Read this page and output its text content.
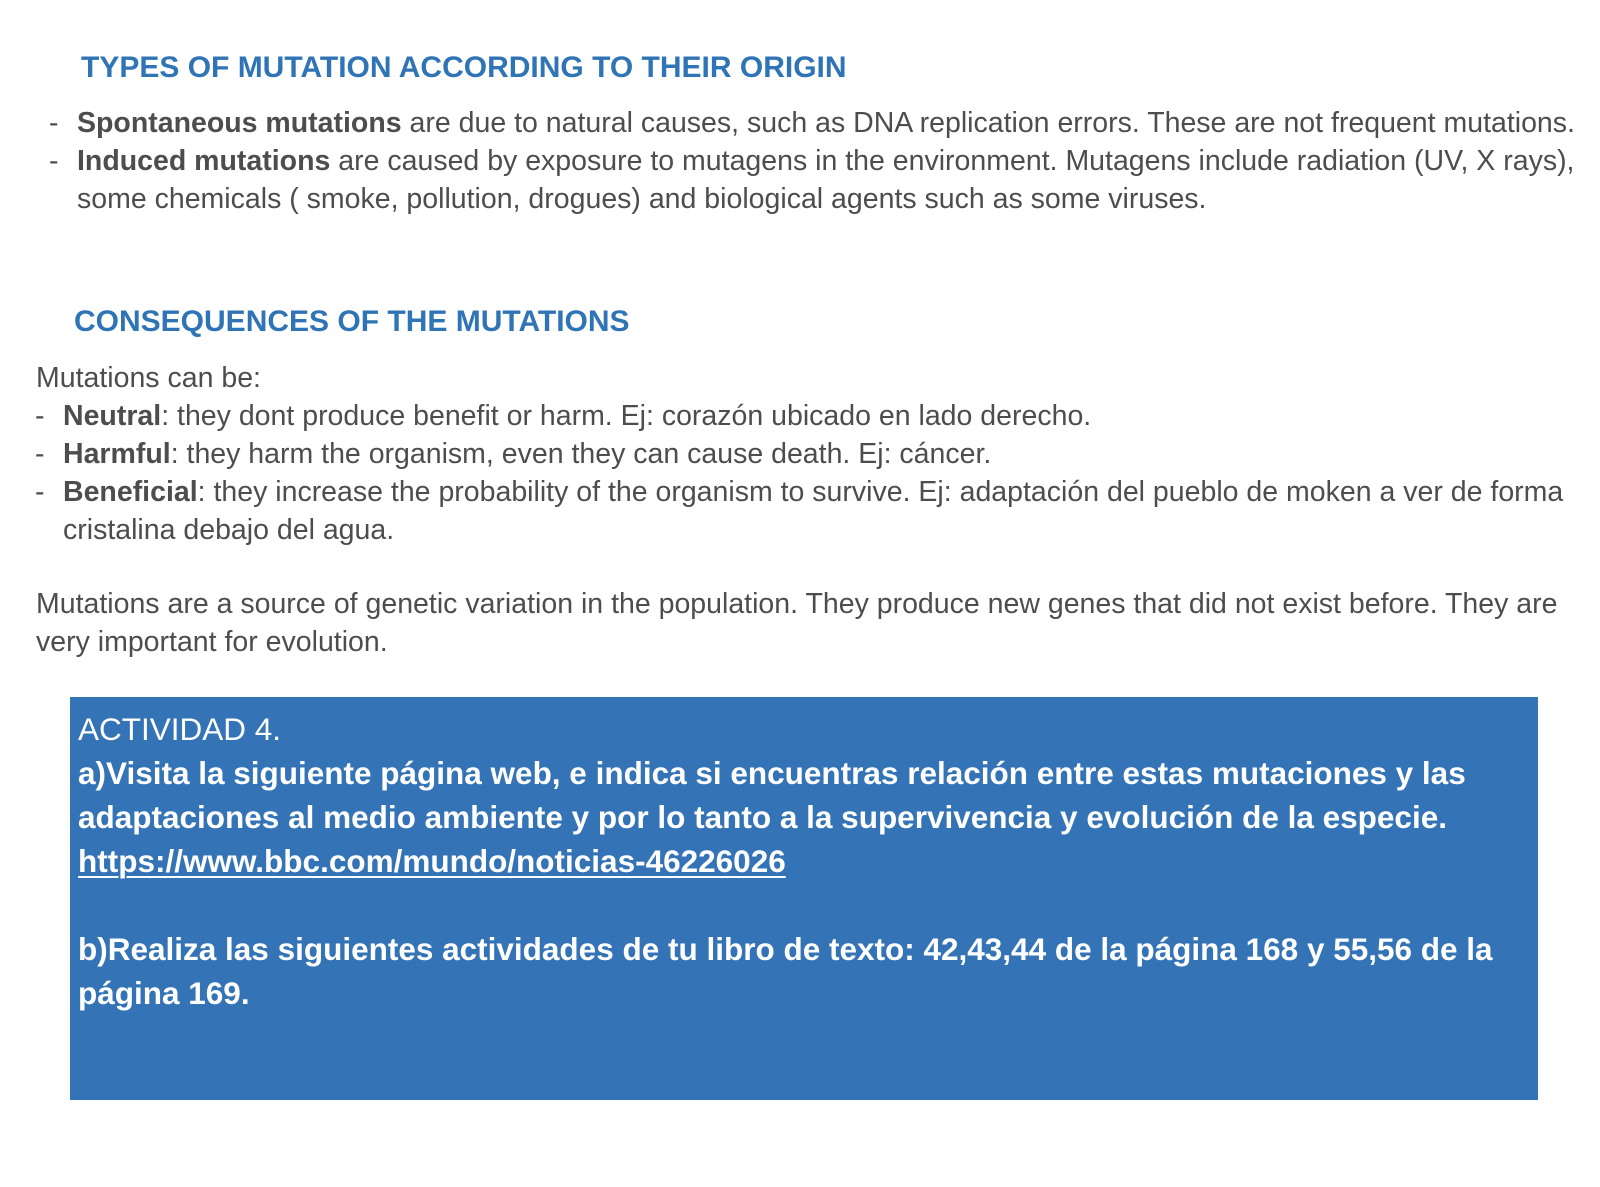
TYPES OF MUTATION ACCORDING TO THEIR ORIGIN
- Spontaneous mutations are due to natural causes, such as DNA replication errors. These are not frequent mutations.
- Induced mutations are caused by exposure to mutagens in the environment. Mutagens include radiation (UV, X rays), some chemicals ( smoke, pollution, drogues) and biological agents such as some viruses.
CONSEQUENCES OF THE MUTATIONS

Mutations can be:

- Neutral: they dont produce benefit or harm. Ej: corazón ubicado en lado derecho.
- Harmful: they harm the organism, even they can cause death. Ej: cáncer.
- Beneficial: they increase the probability of the organism to survive. Ej: adaptación del pueblo de moken a ver de forma cristalina debajo del agua.

Mutations are a source of genetic variation in the population. They produce new genes that did not exist before. They are very important for evolution.

ACTIVIDAD 4.
a)Visita la siguiente página web, e indica si encuentras relación entre estas mutaciones y las adaptaciones al medio ambiente y por lo tanto a la supervivencia y evolución de la especie.
https://www.bbc.com/mundo/noticias-46226026
b)Realiza las siguientes actividades de tu libro de texto: 42,43,44 de la página 168 y 55,56 de la página 169.
